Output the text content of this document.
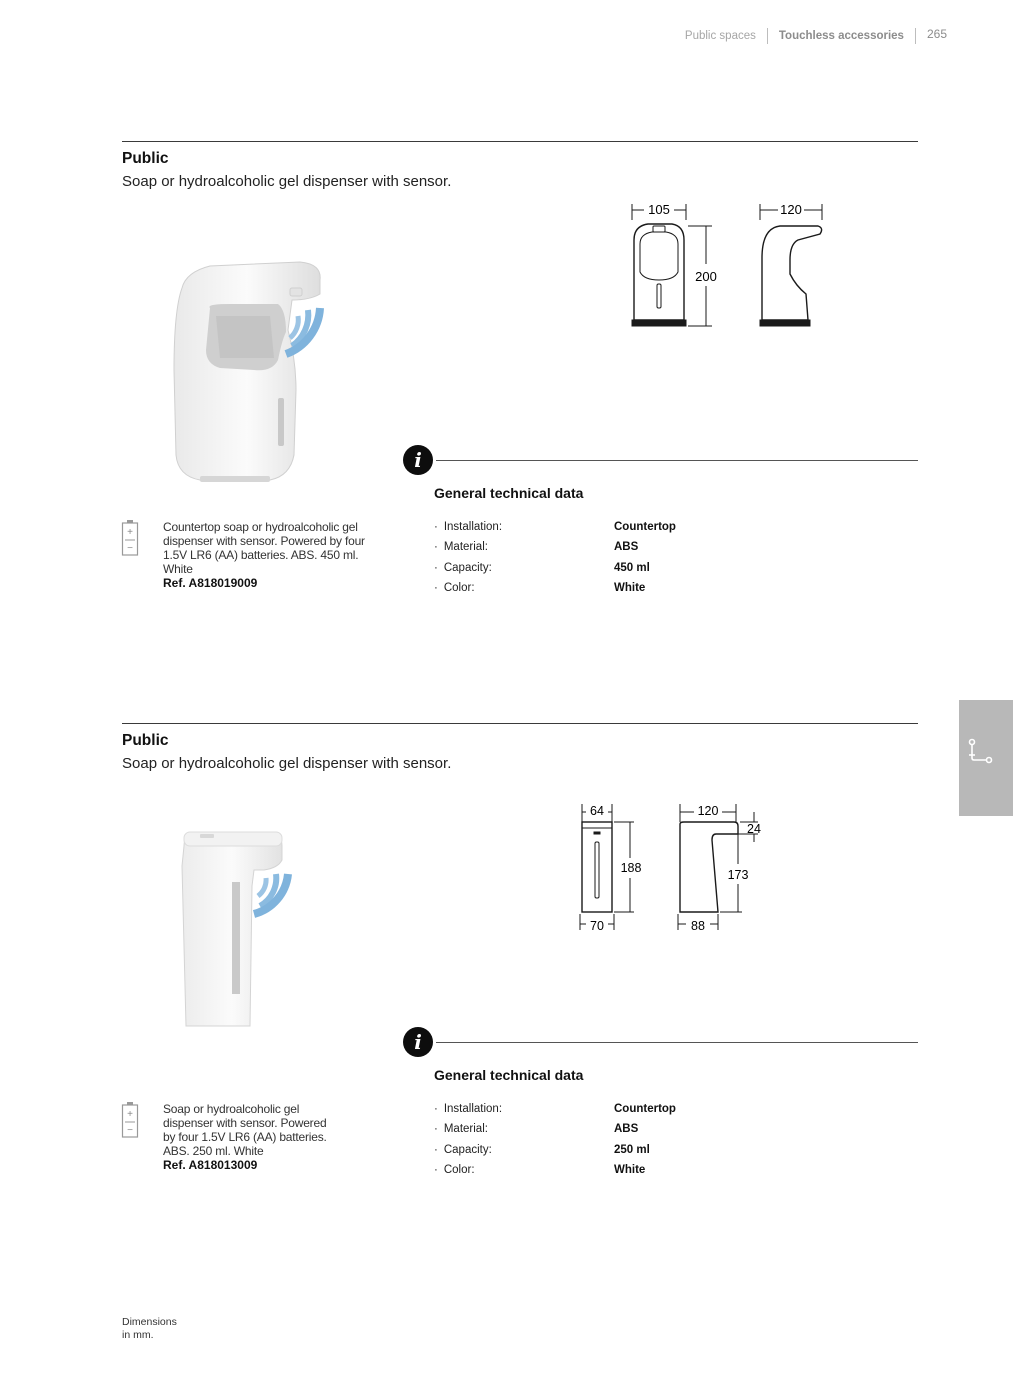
Public spaces Touchless accessories 265
Public
Soap or hydroalcoholic gel dispenser with sensor.
105
200
120
i
General technical data
+
−
Countertop soap or hydroalcoholic gel dispenser with sensor. Powered by four 1.5V LR6 (AA) batteries. ABS. 450 ml. White
Ref. A818019009
· Installation:	Countertop
· Material:	ABS
· Capacity:	450 ml
· Color:	White
Public
Soap or hydroalcoholic gel dispenser with sensor.
64
188
70
120
24
173
88
i
General technical data
+
−
Soap or hydroalcoholic gel dispenser with sensor. Powered by four 1.5V LR6 (AA) batteries. ABS. 250 ml. White
Ref. A818013009
· Installation:	Countertop
· Material:	ABS
· Capacity:	250 ml
· Color:	White
Dimensions
in mm.
